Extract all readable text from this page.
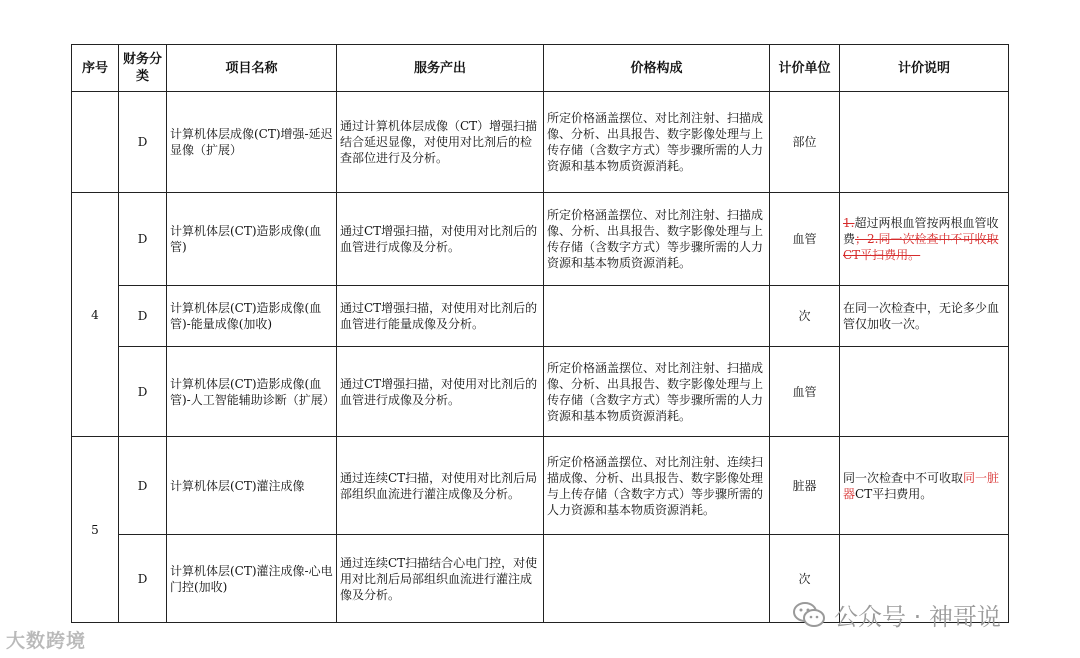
序号	财务分类	项目名称	服务产出	价格构成	计价单位	计价说明
	D	计算机体层成像(CT)增强-延迟显像（扩展）	通过计算机体层成像（CT）增强扫描结合延迟显像，对使用对比剂后的检查部位进行及分析。	所定价格涵盖摆位、对比剂注射、扫描成像、分析、出具报告、数字影像处理与上传存储（含数字方式）等步骤所需的人力资源和基本物质资源消耗。	部位	
4	D	计算机体层(CT)造影成像(血管)	通过CT增强扫描，对使用对比剂后的血管进行成像及分析。	所定价格涵盖摆位、对比剂注射、扫描成像、分析、出具报告、数字影像处理与上传存储（含数字方式）等步骤所需的人力资源和基本物质资源消耗。	血管	1.超过两根血管按两根血管收费；2.同一次检查中不可收取CT平扫费用。
	D	计算机体层(CT)造影成像(血管)-能量成像(加收)	通过CT增强扫描，对使用对比剂后的血管进行能量成像及分析。		次	在同一次检查中，无论多少血管仅加收一次。
	D	计算机体层(CT)造影成像(血管)-人工智能辅助诊断（扩展）	通过CT增强扫描，对使用对比剂后的血管进行成像及分析。	所定价格涵盖摆位、对比剂注射、扫描成像、分析、出具报告、数字影像处理与上传存储（含数字方式）等步骤所需的人力资源和基本物质资源消耗。	血管	
5	D	计算机体层(CT)灌注成像	通过连续CT扫描，对使用对比剂后局部组织血流进行灌注成像及分析。	所定价格涵盖摆位、对比剂注射、连续扫描成像、分析、出具报告、数字影像处理与上传存储（含数字方式）等步骤所需的人力资源和基本物质资源消耗。	脏器	同一次检查中不可收取同一脏器CT平扫费用。
	D	计算机体层(CT)灌注成像-心电门控(加收)	通过连续CT扫描结合心电门控，对使用对比剂后局部组织血流进行灌注成像及分析。		次	
大数跨境
公众号 · 神哥说
